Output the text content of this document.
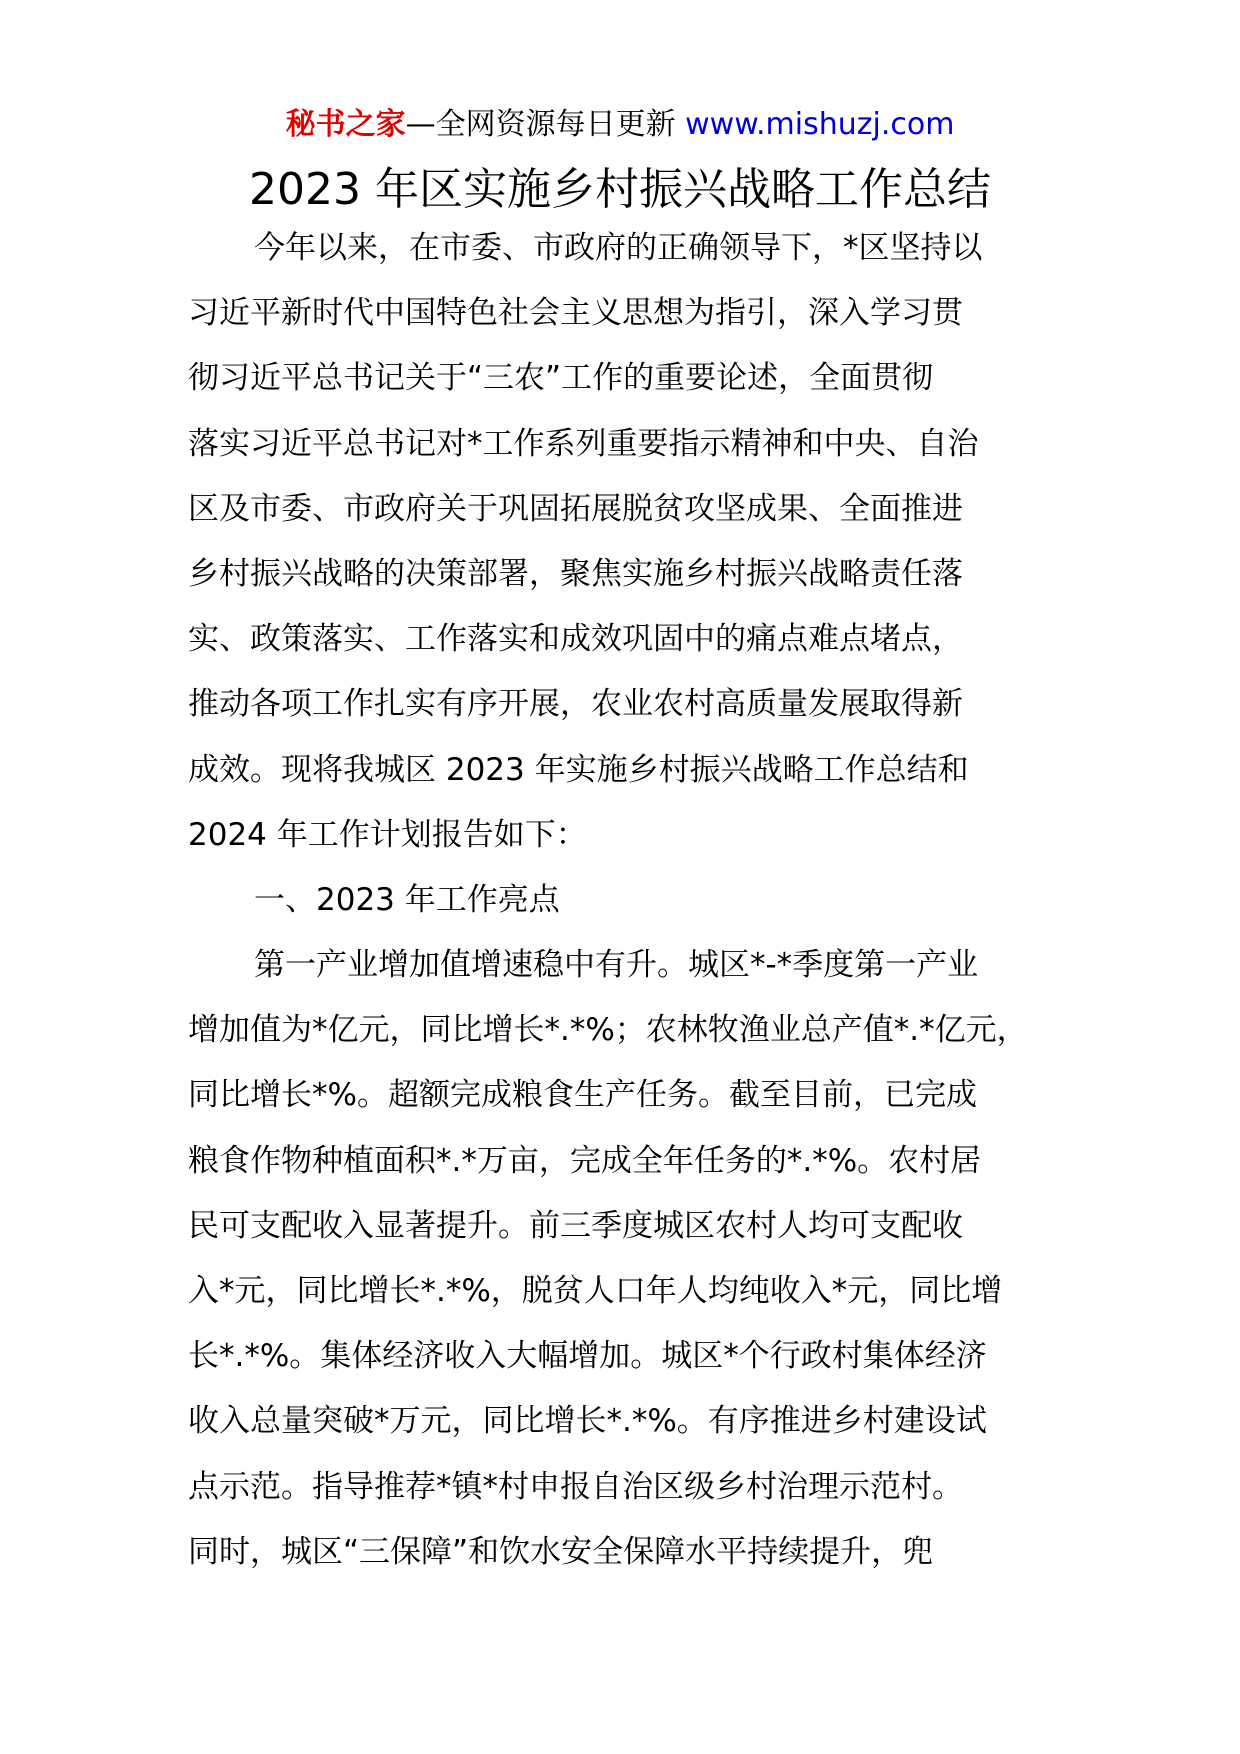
秘书之家—全网资源每日更新 www.mishuzj.com
2023 年区实施乡村振兴战略工作总结
今年以来，在市委、市政府的正确领导下，*区坚持以
习近平新时代中国特色社会主义思想为指引，深入学习贯
彻习近平总书记关于“三农”工作的重要论述，全面贯彻
落实习近平总书记对*工作系列重要指示精神和中央、自治
区及市委、市政府关于巩固拓展脱贫攻坚成果、全面推进
乡村振兴战略的决策部署，聚焦实施乡村振兴战略责任落
实、政策落实、工作落实和成效巩固中的痛点难点堵点，
推动各项工作扎实有序开展，农业农村高质量发展取得新
成效。现将我城区 2023 年实施乡村振兴战略工作总结和
2024 年工作计划报告如下：
一、2023 年工作亮点
第一产业增加值增速稳中有升。城区*-*季度第一产业
增加值为*亿元，同比增长*.*%；农林牧渔业总产值*.*亿元，
同比增长*%。超额完成粮食生产任务。截至目前，已完成
粮食作物种植面积*.*万亩，完成全年任务的*.*%。农村居
民可支配收入显著提升。前三季度城区农村人均可支配收
入*元，同比增长*.*%，脱贫人口年人均纯收入*元，同比增
长*.*%。集体经济收入大幅增加。城区*个行政村集体经济
收入总量突破*万元，同比增长*.*%。有序推进乡村建设试
点示范。指导推荐*镇*村申报自治区级乡村治理示范村。
同时，城区“三保障”和饮水安全保障水平持续提升，兜
